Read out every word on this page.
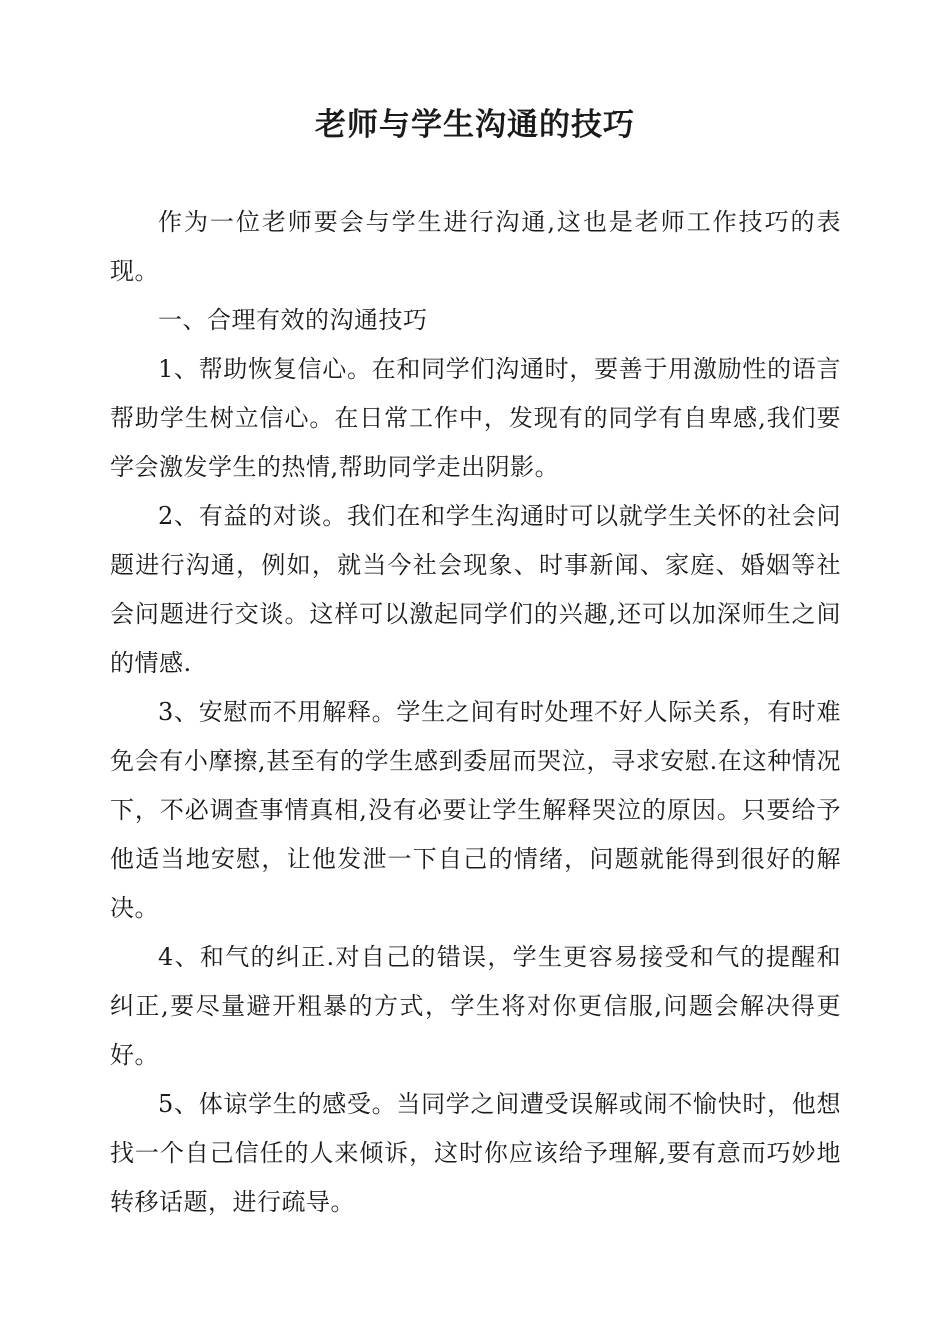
老师与学生沟通的技巧

作为一位老师要会与学生进行沟通,这也是老师工作技巧的表现。

一、合理有效的沟通技巧

1、帮助恢复信心。在和同学们沟通时，要善于用激励性的语言帮助学生树立信心。在日常工作中，发现有的同学有自卑感,我们要学会激发学生的热情,帮助同学走出阴影。

2、有益的对谈。我们在和学生沟通时可以就学生关怀的社会问题进行沟通，例如，就当今社会现象、时事新闻、家庭、婚姻等社会问题进行交谈。这样可以激起同学们的兴趣,还可以加深师生之间的情感.

3、安慰而不用解释。学生之间有时处理不好人际关系，有时难免会有小摩擦,甚至有的学生感到委屈而哭泣，寻求安慰.在这种情况下，不必调查事情真相,没有必要让学生解释哭泣的原因。只要给予他适当地安慰，让他发泄一下自己的情绪，问题就能得到很好的解决。

4、和气的纠正.对自己的错误，学生更容易接受和气的提醒和纠正,要尽量避开粗暴的方式，学生将对你更信服,问题会解决得更好。

5、体谅学生的感受。当同学之间遭受误解或闹不愉快时，他想找一个自己信任的人来倾诉，这时你应该给予理解,要有意而巧妙地转移话题，进行疏导。
